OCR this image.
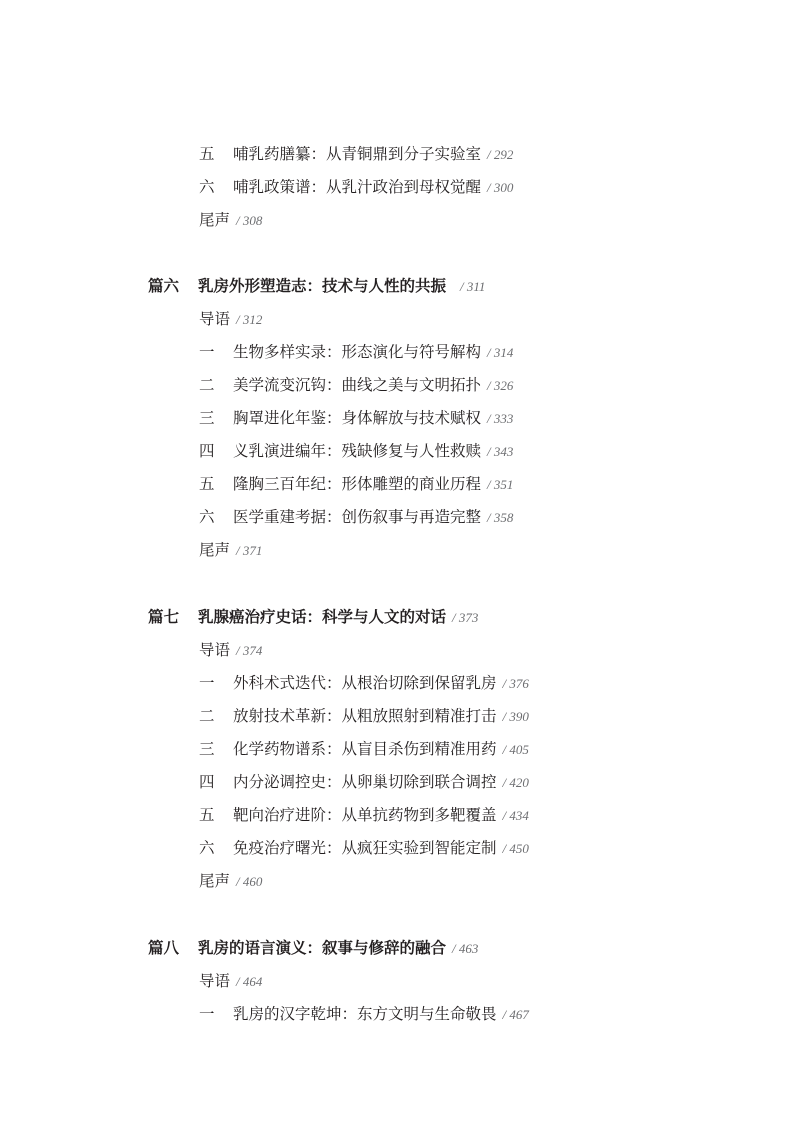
五 哺乳药膳纂：从青铜鼎到分子实验室 / 292
六 哺乳政策谱：从乳汁政治到母权觉醒 / 300
尾声 / 308
篇六 乳房外形塑造志：技术与人性的共振 / 311
导语 / 312
一 生物多样实录：形态演化与符号解构 / 314
二 美学流变沉钩：曲线之美与文明拓扑 / 326
三 胸罩进化年鉴：身体解放与技术赋权 / 333
四 义乳演进编年：残缺修复与人性救赎 / 343
五 隆胸三百年纪：形体雕塑的商业历程 / 351
六 医学重建考据：创伤叙事与再造完整 / 358
尾声 / 371
篇七 乳腺癌治疗史话：科学与人文的对话 / 373
导语 / 374
一 外科术式迭代：从根治切除到保留乳房 / 376
二 放射技术革新：从粗放照射到精准打击 / 390
三 化学药物谱系：从盲目杀伤到精准用药 / 405
四 内分泌调控史：从卵巢切除到联合调控 / 420
五 靶向治疗进阶：从单抗药物到多靶覆盖 / 434
六 免疫治疗曙光：从疯狂实验到智能定制 / 450
尾声 / 460
篇八 乳房的语言演义：叙事与修辞的融合 / 463
导语 / 464
一 乳房的汉字乾坤：东方文明与生命敬畏 / 467
